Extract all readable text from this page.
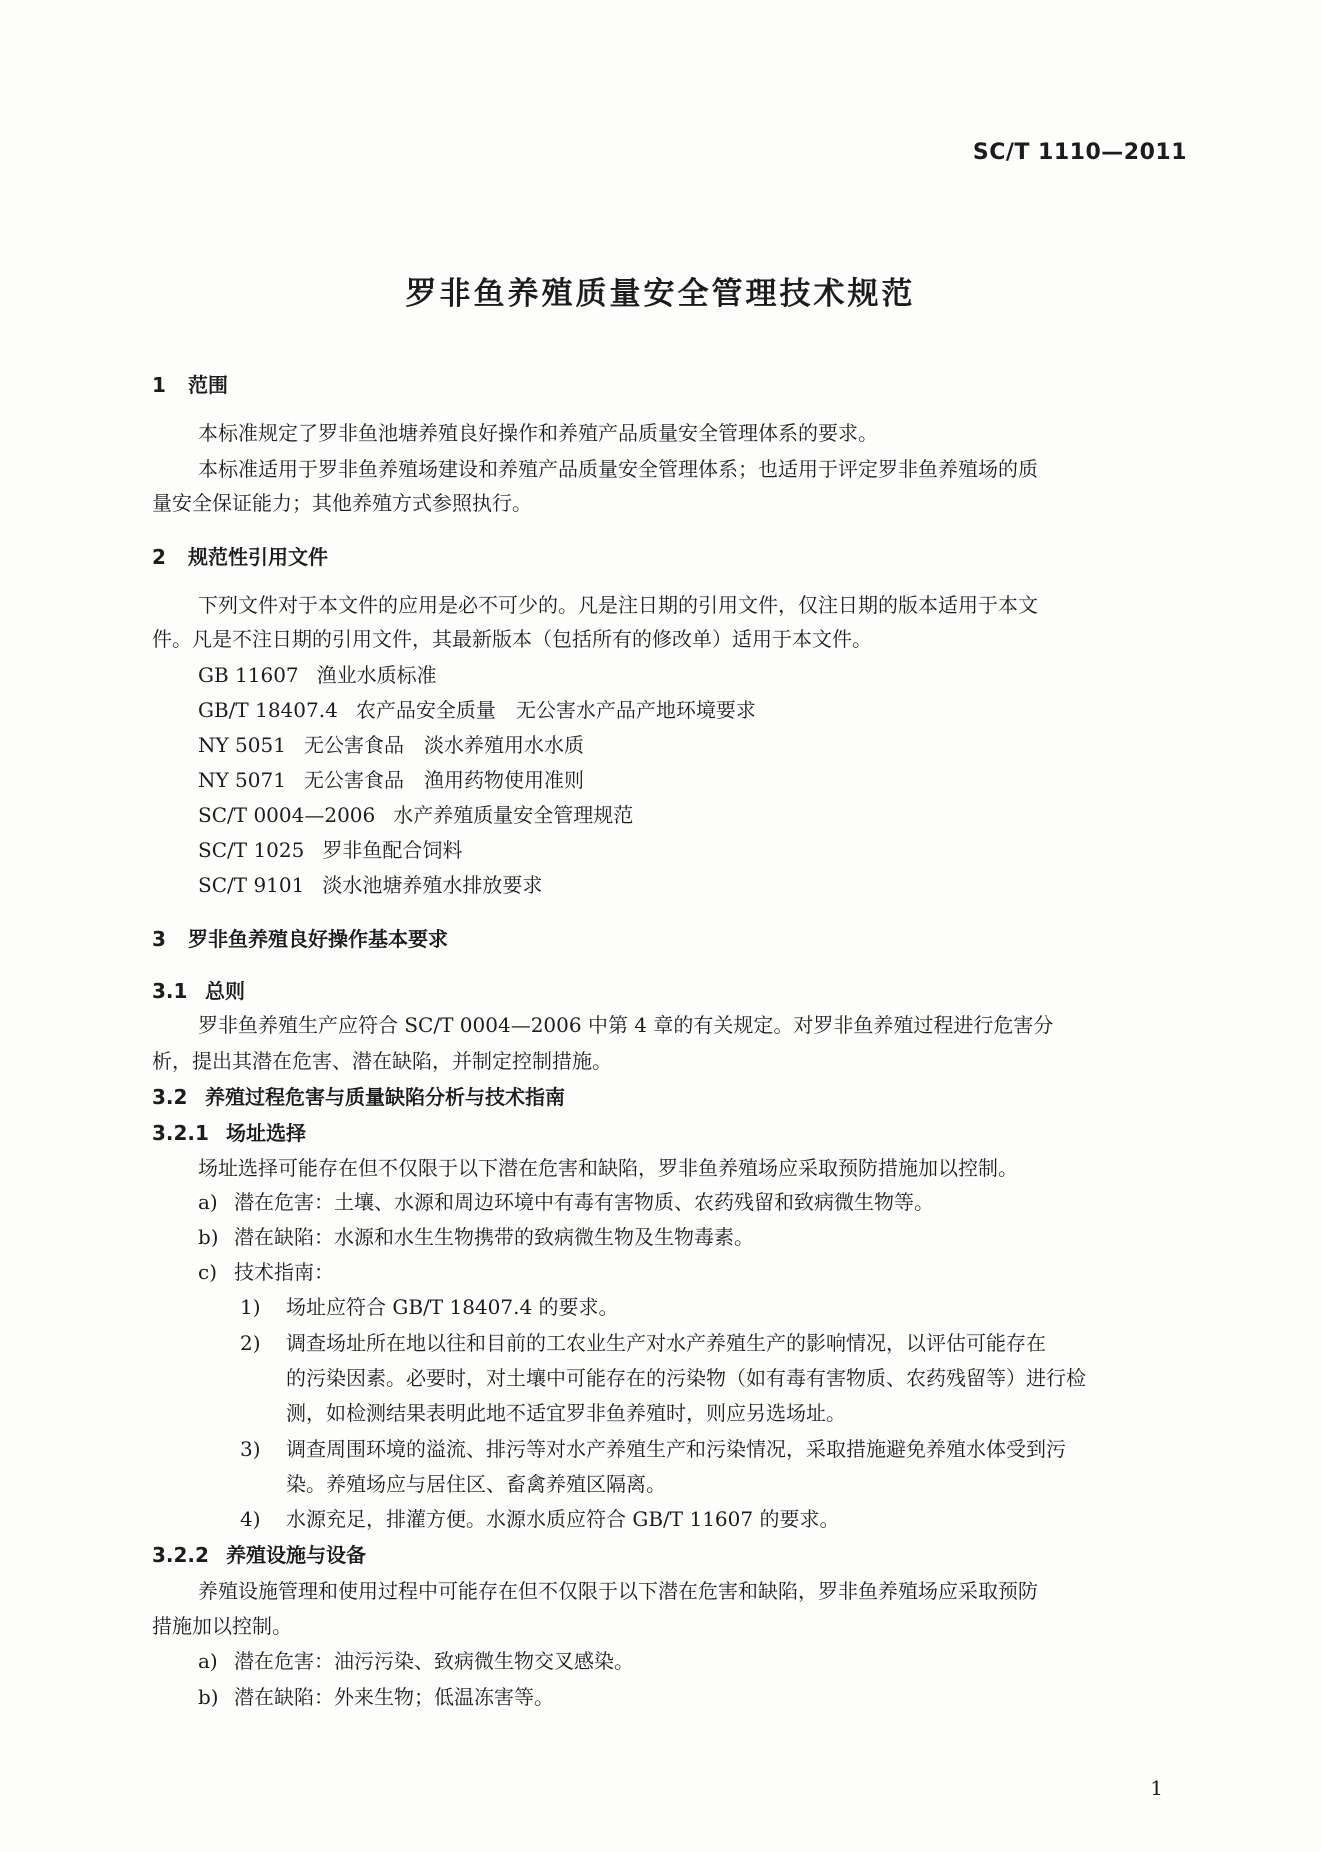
SC/T 1110—2011
罗非鱼养殖质量安全管理技术规范
1 范围
本标准规定了罗非鱼池塘养殖良好操作和养殖产品质量安全管理体系的要求。
本标准适用于罗非鱼养殖场建设和养殖产品质量安全管理体系；也适用于评定罗非鱼养殖场的质
量安全保证能力；其他养殖方式参照执行。
2 规范性引用文件
下列文件对于本文件的应用是必不可少的。凡是注日期的引用文件，仅注日期的版本适用于本文
件。凡是不注日期的引用文件，其最新版本（包括所有的修改单）适用于本文件。
GB 11607 渔业水质标准
GB/T 18407.4 农产品安全质量　无公害水产品产地环境要求
NY 5051 无公害食品　淡水养殖用水水质
NY 5071 无公害食品　渔用药物使用准则
SC/T 0004—2006 水产养殖质量安全管理规范
SC/T 1025 罗非鱼配合饲料
SC/T 9101 淡水池塘养殖水排放要求
3 罗非鱼养殖良好操作基本要求
3.1 总则
罗非鱼养殖生产应符合 SC/T 0004—2006 中第 4 章的有关规定。对罗非鱼养殖过程进行危害分
析，提出其潜在危害、潜在缺陷，并制定控制措施。
3.2 养殖过程危害与质量缺陷分析与技术指南
3.2.1 场址选择
场址选择可能存在但不仅限于以下潜在危害和缺陷，罗非鱼养殖场应采取预防措施加以控制。
a) 潜在危害：土壤、水源和周边环境中有毒有害物质、农药残留和致病微生物等。
b) 潜在缺陷：水源和水生生物携带的致病微生物及生物毒素。
c) 技术指南：
1) 场址应符合 GB/T 18407.4 的要求。
2) 调查场址所在地以往和目前的工农业生产对水产养殖生产的影响情况，以评估可能存在
的污染因素。必要时，对土壤中可能存在的污染物（如有毒有害物质、农药残留等）进行检
测，如检测结果表明此地不适宜罗非鱼养殖时，则应另选场址。
3) 调查周围环境的溢流、排污等对水产养殖生产和污染情况，采取措施避免养殖水体受到污
染。养殖场应与居住区、畜禽养殖区隔离。
4) 水源充足，排灌方便。水源水质应符合 GB/T 11607 的要求。
3.2.2 养殖设施与设备
养殖设施管理和使用过程中可能存在但不仅限于以下潜在危害和缺陷，罗非鱼养殖场应采取预防
措施加以控制。
a) 潜在危害：油污污染、致病微生物交叉感染。
b) 潜在缺陷：外来生物；低温冻害等。
1
